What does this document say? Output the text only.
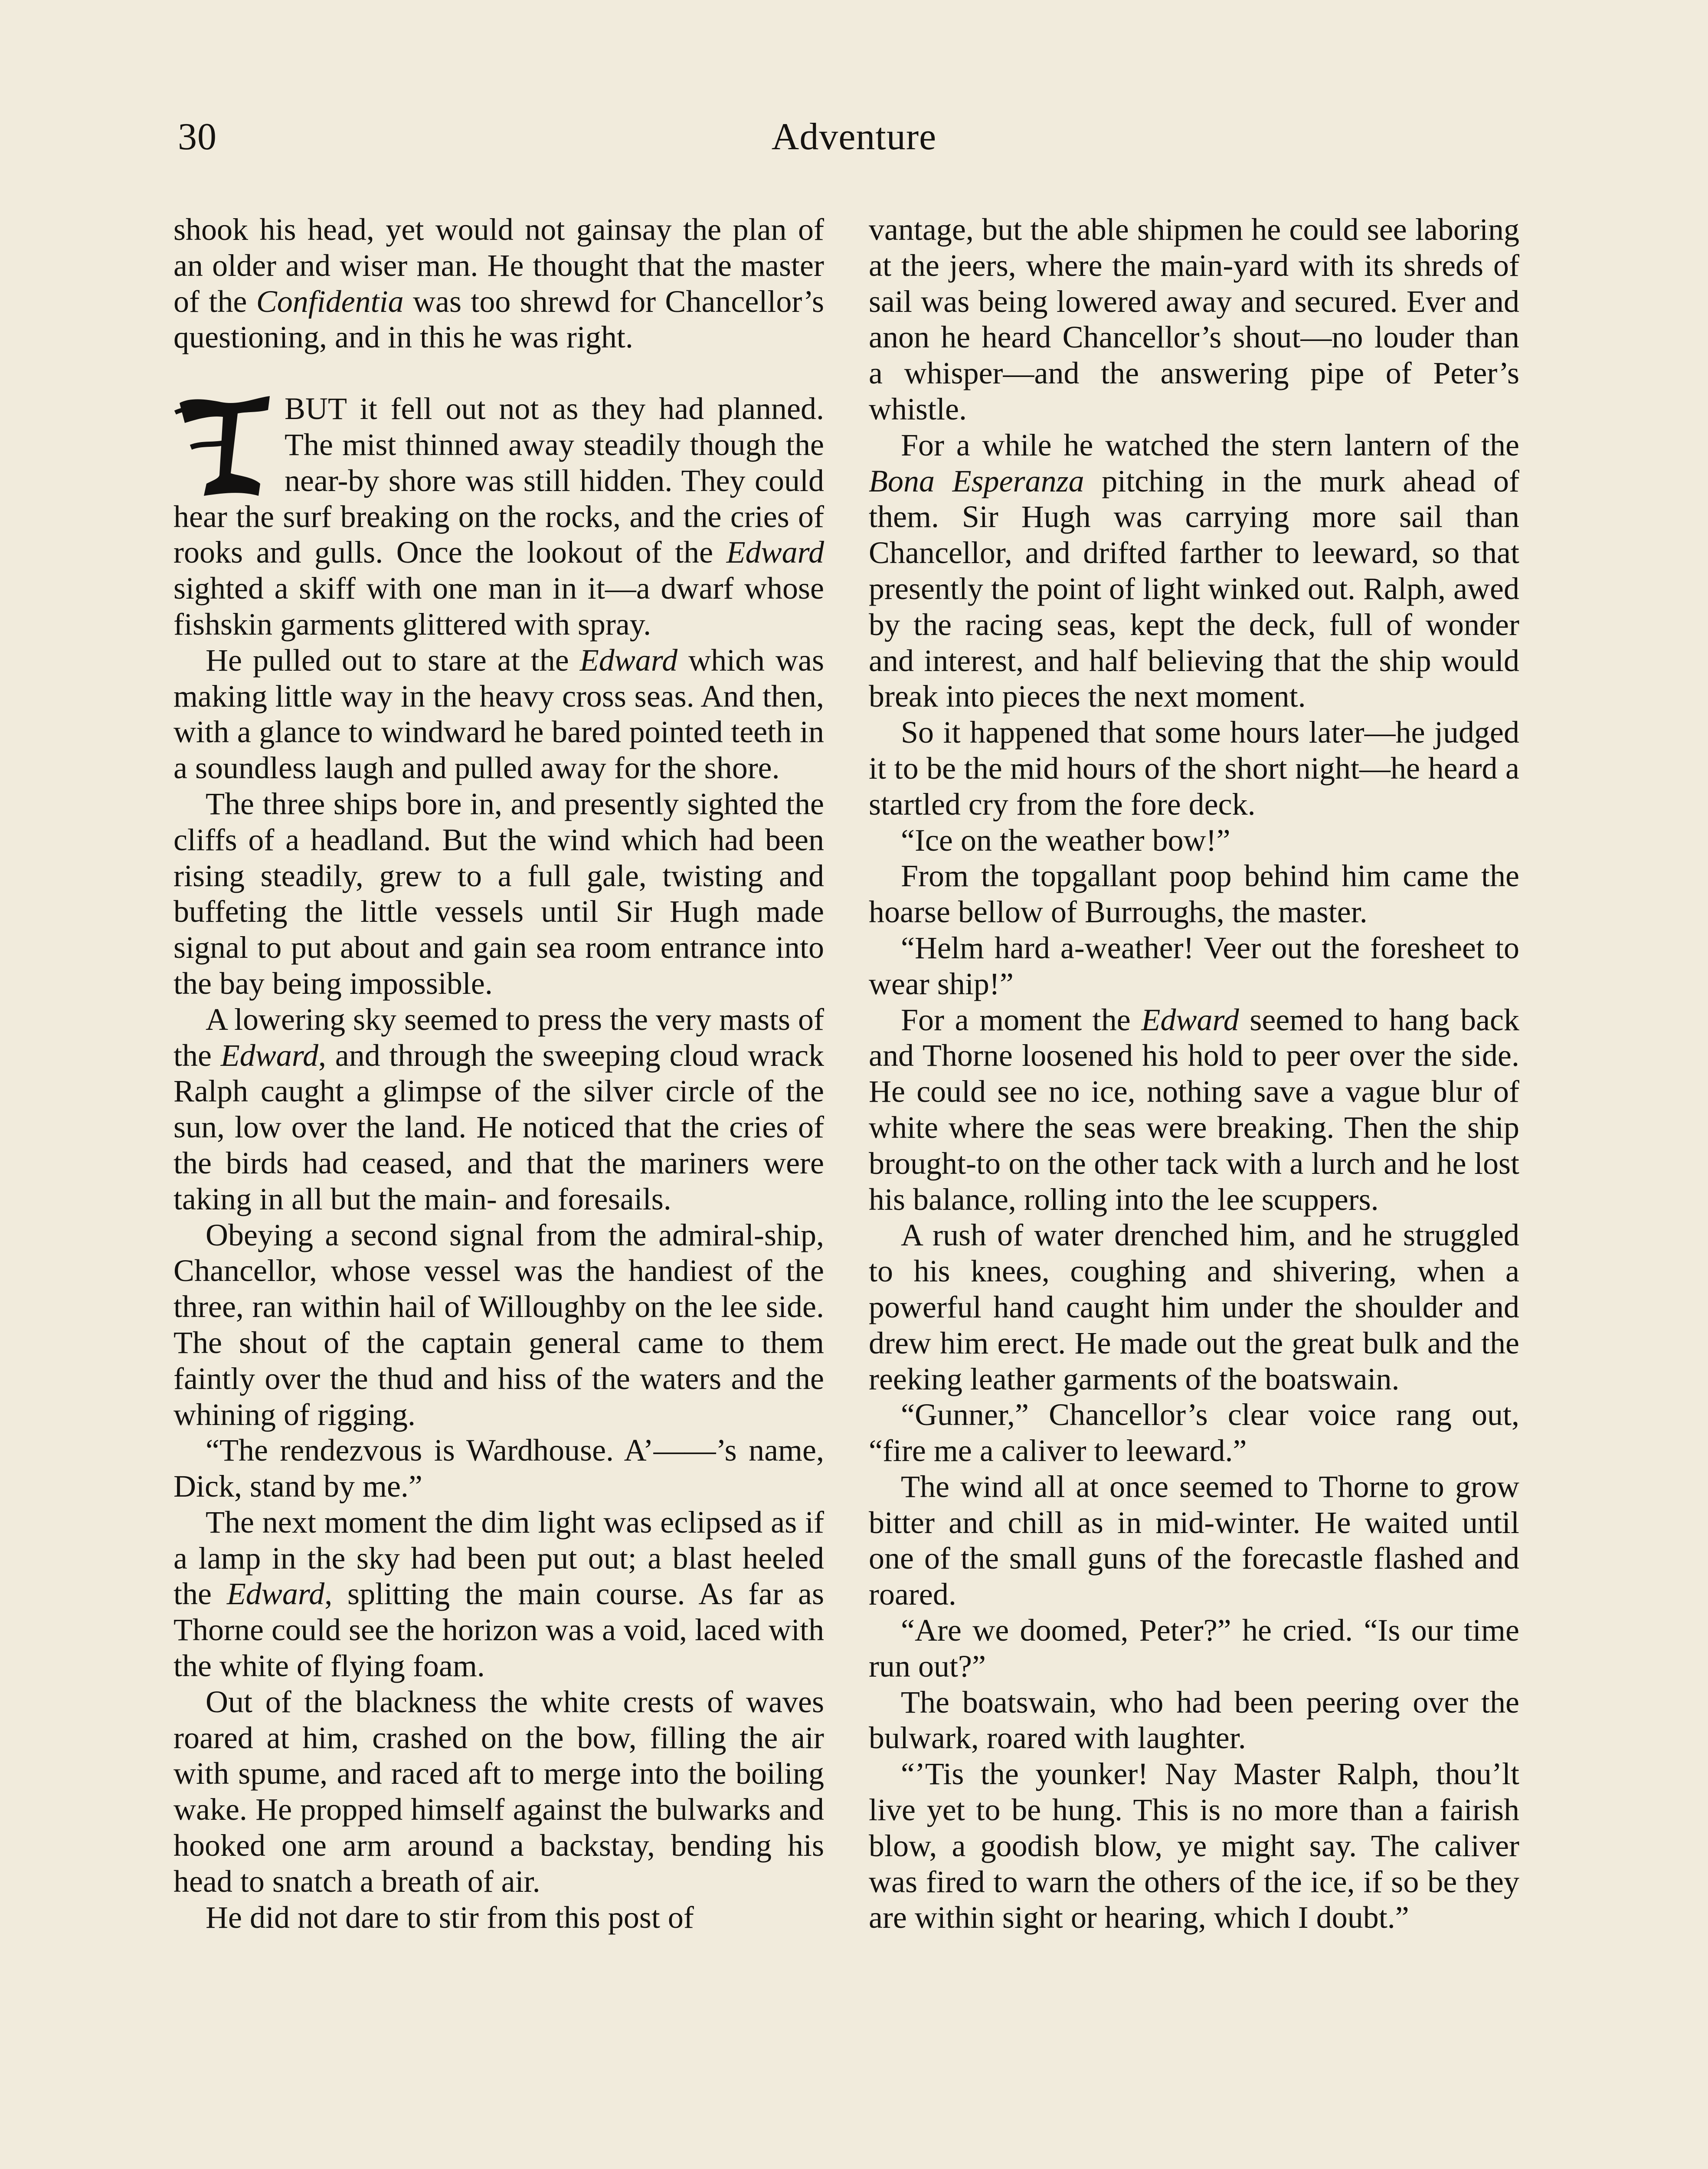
30	Adventure

shook his head, yet would not gainsay the plan of an older and wiser man. He thought that the master of the Confidentia was too shrewd for Chancellor’s questioning, and in this he was right.

BUT it fell out not as they had planned. The mist thinned away steadily though the near-by shore was still hidden. They could hear the surf breaking on the rocks, and the cries of rooks and gulls. Once the lookout of the Edward sighted a skiff with one man in it—a dwarf whose fishskin garments glittered with spray.

He pulled out to stare at the Edward which was making little way in the heavy cross seas. And then, with a glance to windward he bared pointed teeth in a soundless laugh and pulled away for the shore.

The three ships bore in, and presently sighted the cliffs of a headland. But the wind which had been rising steadily, grew to a full gale, twisting and buffeting the little vessels until Sir Hugh made signal to put about and gain sea room entrance into the bay being impossible.

A lowering sky seemed to press the very masts of the Edward, and through the sweeping cloud wrack Ralph caught a glimpse of the silver circle of the sun, low over the land. He noticed that the cries of the birds had ceased, and that the mariners were taking in all but the main- and foresails.

Obeying a second signal from the admiral-ship, Chancellor, whose vessel was the handiest of the three, ran within hail of Willoughby on the lee side. The shout of the captain general came to them faintly over the thud and hiss of the waters and the whining of rigging.

“The rendezvous is Wardhouse. A’——’s name, Dick, stand by me.”

The next moment the dim light was eclipsed as if a lamp in the sky had been put out; a blast heeled the Edward, splitting the main course. As far as Thorne could see the horizon was a void, laced with the white of flying foam.

Out of the blackness the white crests of waves roared at him, crashed on the bow, filling the air with spume, and raced aft to merge into the boiling wake. He propped himself against the bulwarks and hooked one arm around a backstay, bending his head to snatch a breath of air.

He did not dare to stir from this post of

vantage, but the able shipmen he could see laboring at the jeers, where the main-yard with its shreds of sail was being lowered away and secured. Ever and anon he heard Chancellor’s shout—no louder than a whisper—and the answering pipe of Peter’s whistle.

For a while he watched the stern lantern of the Bona Esperanza pitching in the murk ahead of them. Sir Hugh was carrying more sail than Chancellor, and drifted farther to leeward, so that presently the point of light winked out. Ralph, awed by the racing seas, kept the deck, full of wonder and interest, and half believing that the ship would break into pieces the next moment.

So it happened that some hours later—he judged it to be the mid hours of the short night—he heard a startled cry from the fore deck.

“Ice on the weather bow!”

From the topgallant poop behind him came the hoarse bellow of Burroughs, the master.

“Helm hard a-weather! Veer out the foresheet to wear ship!”

For a moment the Edward seemed to hang back and Thorne loosened his hold to peer over the side. He could see no ice, nothing save a vague blur of white where the seas were breaking. Then the ship brought-to on the other tack with a lurch and he lost his balance, rolling into the lee scuppers.

A rush of water drenched him, and he struggled to his knees, coughing and shivering, when a powerful hand caught him under the shoulder and drew him erect. He made out the great bulk and the reeking leather garments of the boatswain.

“Gunner,” Chancellor’s clear voice rang out, “fire me a caliver to leeward.”

The wind all at once seemed to Thorne to grow bitter and chill as in mid-winter. He waited until one of the small guns of the forecastle flashed and roared.

“Are we doomed, Peter?” he cried. “Is our time run out?”

The boatswain, who had been peering over the bulwark, roared with laughter.

“’Tis the younker! Nay Master Ralph, thou’lt live yet to be hung. This is no more than a fairish blow, a goodish blow, ye might say. The caliver was fired to warn the others of the ice, if so be they are within sight or hearing, which I doubt.”
